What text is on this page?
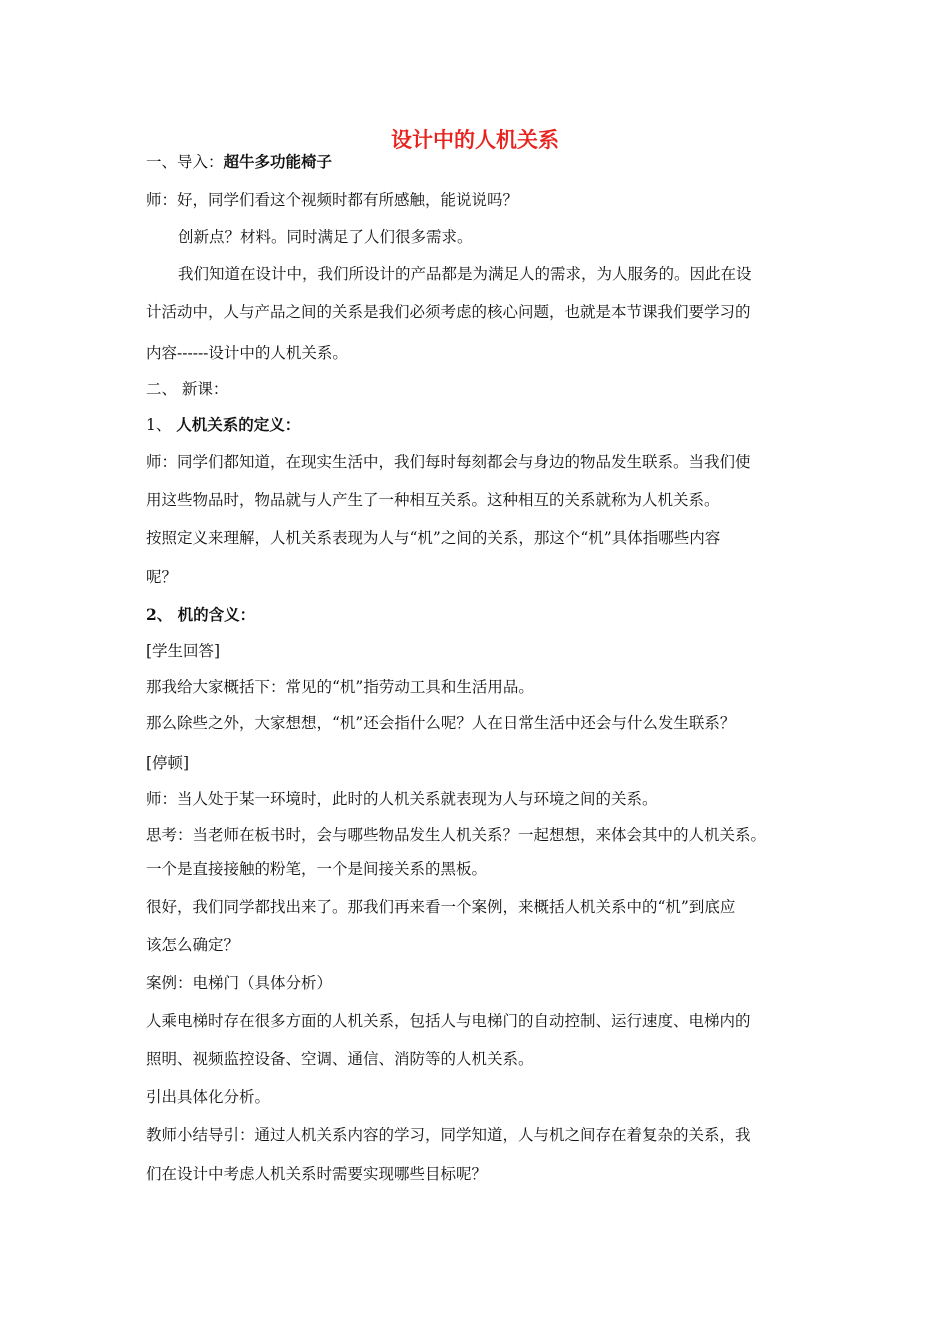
设计中的人机关系
一、导入：超牛多功能椅子
师：好，同学们看这个视频时都有所感触，能说说吗？
创新点？材料。同时满足了人们很多需求。
我们知道在设计中，我们所设计的产品都是为满足人的需求，为人服务的。因此在设
计活动中，人与产品之间的关系是我们必须考虑的核心问题，也就是本节课我们要学习的
内容------设计中的人机关系。
二、 新课：
1、 人机关系的定义：
师：同学们都知道，在现实生活中，我们每时每刻都会与身边的物品发生联系。当我们使
用这些物品时，物品就与人产生了一种相互关系。这种相互的关系就称为人机关系。
按照定义来理解，人机关系表现为人与“机”之间的关系，那这个“机”具体指哪些内容
呢？
2、 机的含义：
[学生回答]
那我给大家概括下：常见的“机”指劳动工具和生活用品。
那么除些之外，大家想想，“机”还会指什么呢？人在日常生活中还会与什么发生联系？
[停顿]
师：当人处于某一环境时，此时的人机关系就表现为人与环境之间的关系。
思考：当老师在板书时，会与哪些物品发生人机关系？一起想想，来体会其中的人机关系。
一个是直接接触的粉笔，一个是间接关系的黑板。
很好，我们同学都找出来了。那我们再来看一个案例，来概括人机关系中的“机”到底应
该怎么确定？
案例：电梯门（具体分析）
人乘电梯时存在很多方面的人机关系，包括人与电梯门的自动控制、运行速度、电梯内的
照明、视频监控设备、空调、通信、消防等的人机关系。
引出具体化分析。
教师小结导引：通过人机关系内容的学习，同学知道，人与机之间存在着复杂的关系，我
们在设计中考虑人机关系时需要实现哪些目标呢？
